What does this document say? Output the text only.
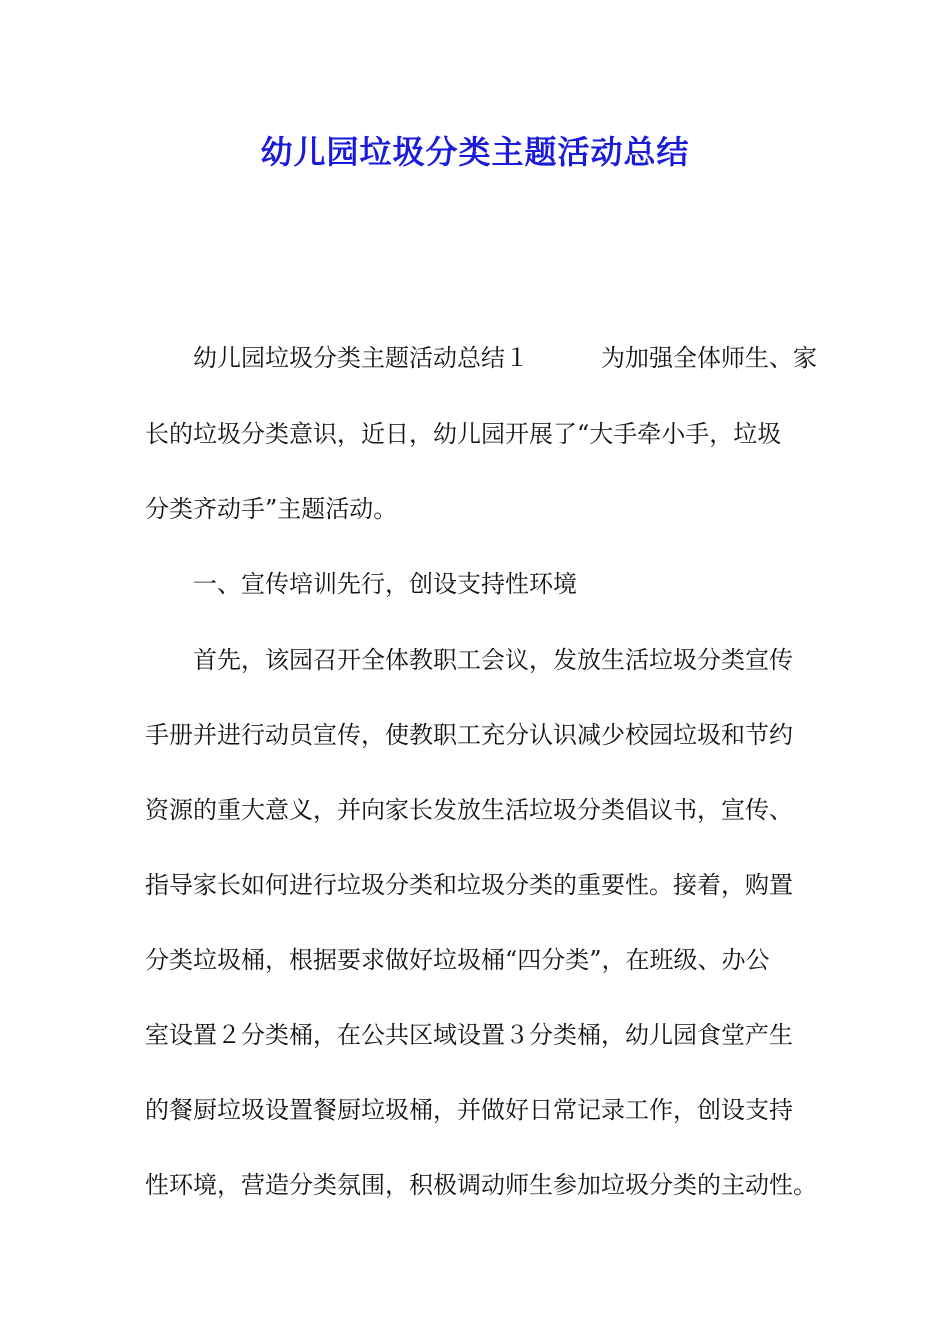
幼儿园垃圾分类主题活动总结
幼儿园垃圾分类主题活动总结１　　　为加强全体师生、家
长的垃圾分类意识，近日，幼儿园开展了“大手牵小手，垃圾
分类齐动手”主题活动。
一、宣传培训先行，创设支持性环境
首先，该园召开全体教职工会议，发放生活垃圾分类宣传
手册并进行动员宣传，使教职工充分认识减少校园垃圾和节约
资源的重大意义，并向家长发放生活垃圾分类倡议书，宣传、
指导家长如何进行垃圾分类和垃圾分类的重要性。接着，购置
分类垃圾桶，根据要求做好垃圾桶“四分类”，在班级、办公
室设置２分类桶，在公共区域设置３分类桶，幼儿园食堂产生
的餐厨垃圾设置餐厨垃圾桶，并做好日常记录工作，创设支持
性环境，营造分类氛围，积极调动师生参加垃圾分类的主动性。
